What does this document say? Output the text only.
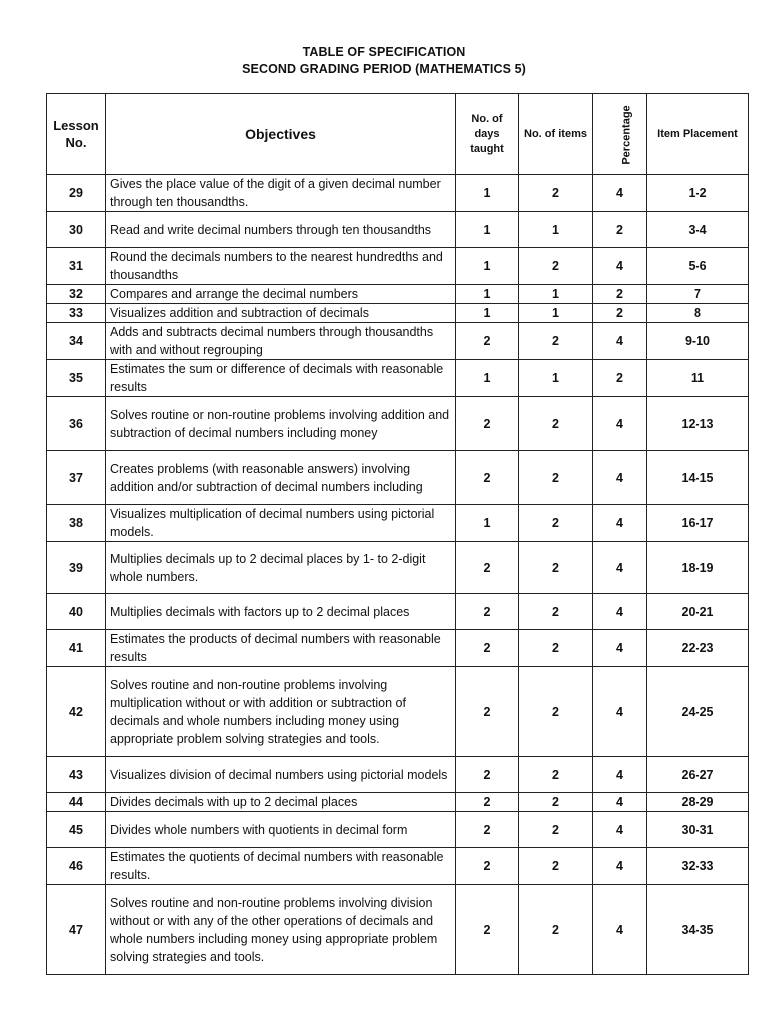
TABLE OF SPECIFICATION
SECOND GRADING PERIOD (MATHEMATICS 5)
Lesson No.	Objectives	No. of days taught	No. of items	Percentage	Item Placement
29	Gives the place value of the digit of a given decimal number through ten thousandths.	1	2	4	1-2
30	Read and write decimal numbers through ten thousandths	1	1	2	3-4
31	Round the decimals numbers to the nearest hundredths and thousandths	1	2	4	5-6
32	Compares and arrange the decimal numbers	1	1	2	7
33	Visualizes addition and subtraction of decimals	1	1	2	8
34	Adds and subtracts decimal numbers through thousandths with and without regrouping	2	2	4	9-10
35	Estimates the sum or difference of decimals with reasonable results	1	1	2	11
36	Solves routine or non-routine problems involving addition and subtraction of decimal numbers including money	2	2	4	12-13
37	Creates problems (with reasonable answers) involving addition and/or subtraction of decimal numbers including	2	2	4	14-15
38	Visualizes multiplication of decimal numbers using pictorial models.	1	2	4	16-17
39	Multiplies decimals up to 2 decimal places by 1- to 2-digit whole numbers.	2	2	4	18-19
40	Multiplies decimals with factors up to 2 decimal places	2	2	4	20-21
41	Estimates the products of decimal numbers with reasonable results	2	2	4	22-23
42	Solves routine and non-routine problems involving multiplication without or with addition or subtraction of decimals and whole numbers including money using appropriate problem solving strategies and tools.	2	2	4	24-25
43	Visualizes division of decimal numbers using pictorial models	2	2	4	26-27
44	Divides decimals with up to 2 decimal places	2	2	4	28-29
45	Divides whole numbers with quotients in decimal form	2	2	4	30-31
46	Estimates the quotients of decimal numbers with reasonable results.	2	2	4	32-33
47	Solves routine and non-routine problems involving division without or with any of the other operations of decimals and whole numbers including money using appropriate problem solving strategies and tools.	2	2	4	34-35
